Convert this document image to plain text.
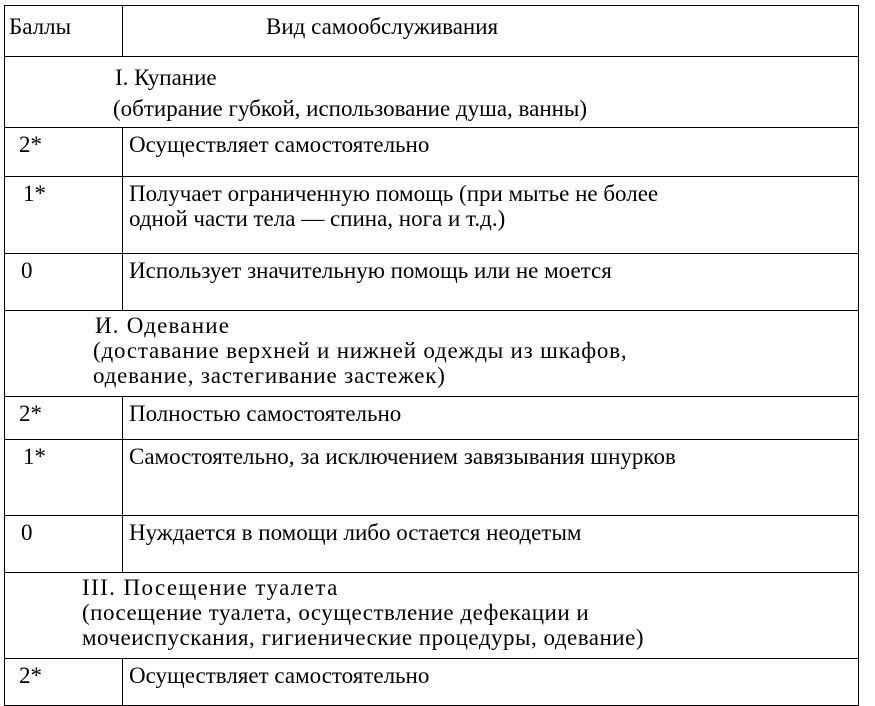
Баллы	Вид самообслуживания

I. Купание
(обтирание губкой, использование душа, ванны)	

2*	Осуществляет самостоятельно

1*	Получает ограниченную помощь (при мытье не более
одной части тела — спина, нога и т.д.)

0	Использует значительную помощь или не моется

И. Одевание
(доставание верхней и нижней одежды из шкафов,
одевание, застегивание застежек)	

2*	Полностью самостоятельно

1*	Самостоятельно, за исключением завязывания шнурков

0	Нуждается в помощи либо остается неодетым

III. Посещение туалета
(посещение туалета, осуществление дефекации и
мочеиспускания, гигиенические процедуры, одевание)	

2*	Осуществляет самостоятельно
